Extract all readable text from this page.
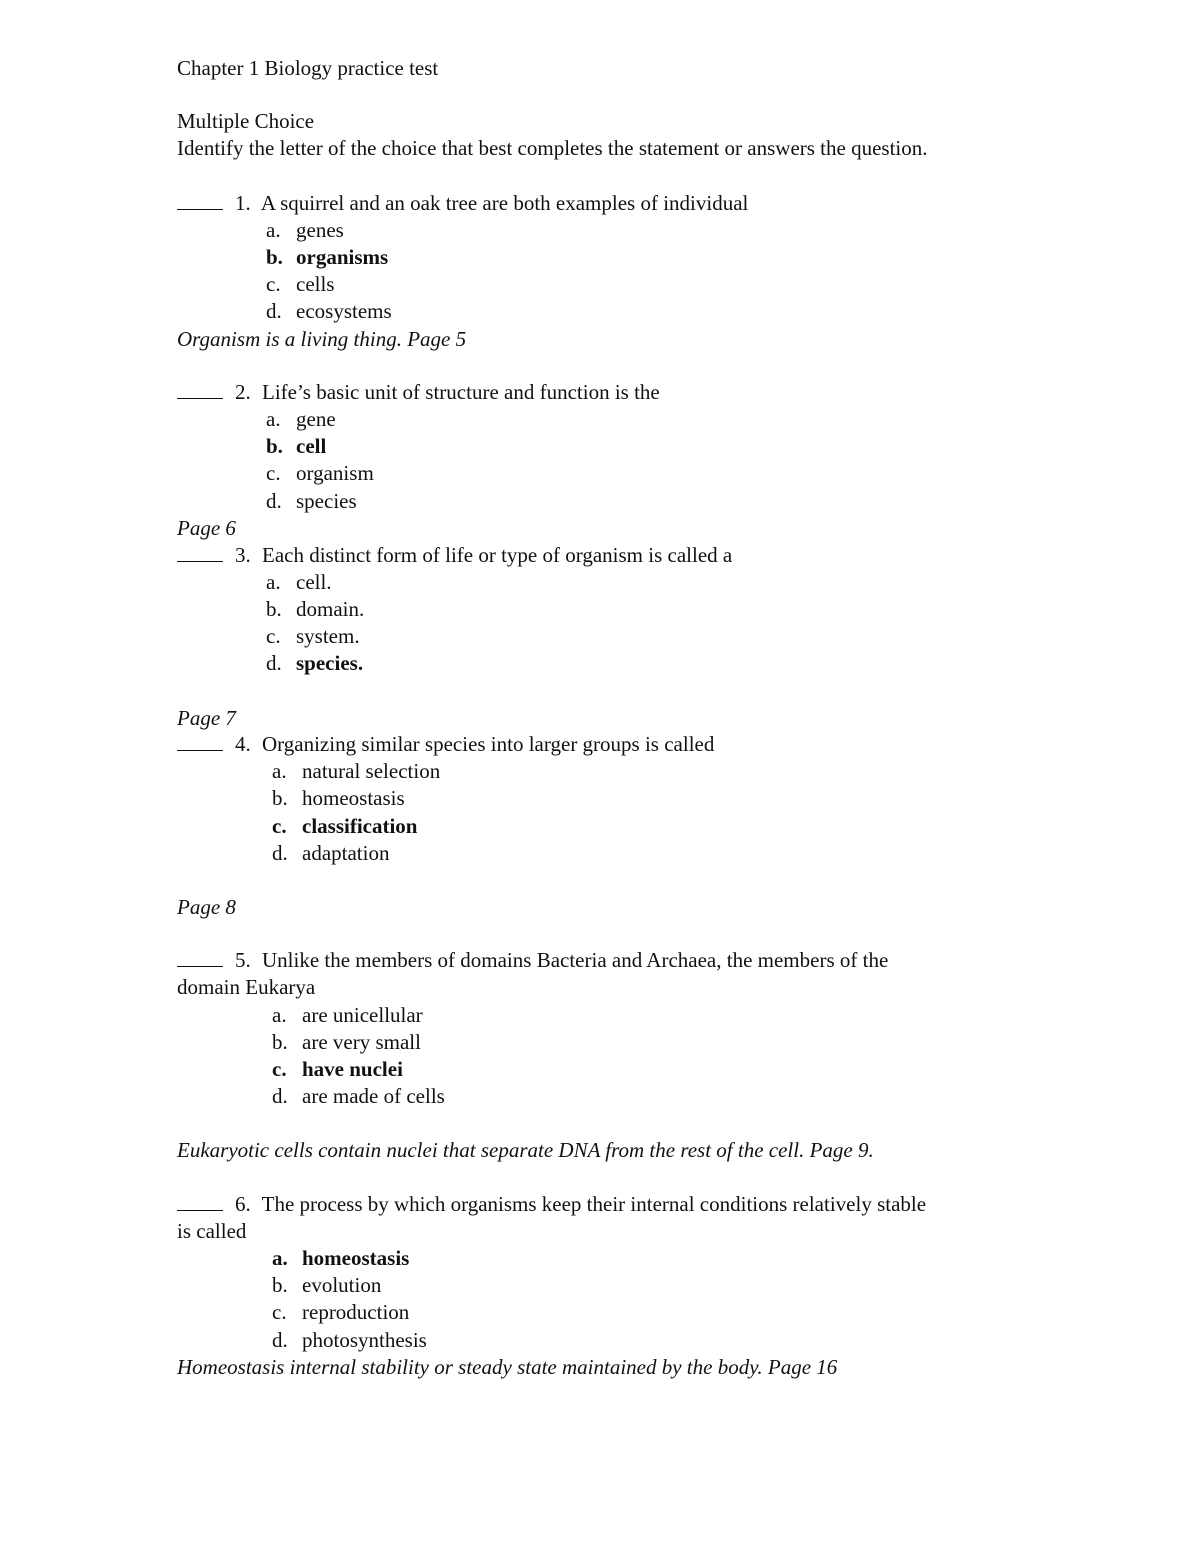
Chapter 1 Biology practice test
Multiple Choice
Identify the letter of the choice that best completes the statement or answers the question.
1. A squirrel and an oak tree are both examples of individual
a. genes
b. organisms
c. cells
d. ecosystems
Organism is a living thing. Page 5
2. Life’s basic unit of structure and function is the
a. gene
b. cell
c. organism
d. species
Page 6
3. Each distinct form of life or type of organism is called a
a. cell.
b. domain.
c. system.
d. species.
Page 7
4. Organizing similar species into larger groups is called
a. natural selection
b. homeostasis
c. classification
d. adaptation
Page 8
5. Unlike the members of domains Bacteria and Archaea, the members of the
domain Eukarya
a. are unicellular
b. are very small
c. have nuclei
d. are made of cells
Eukaryotic cells contain nuclei that separate DNA from the rest of the cell. Page 9.
6. The process by which organisms keep their internal conditions relatively stable
is called
a. homeostasis
b. evolution
c. reproduction
d. photosynthesis
Homeostasis internal stability or steady state maintained by the body. Page 16
